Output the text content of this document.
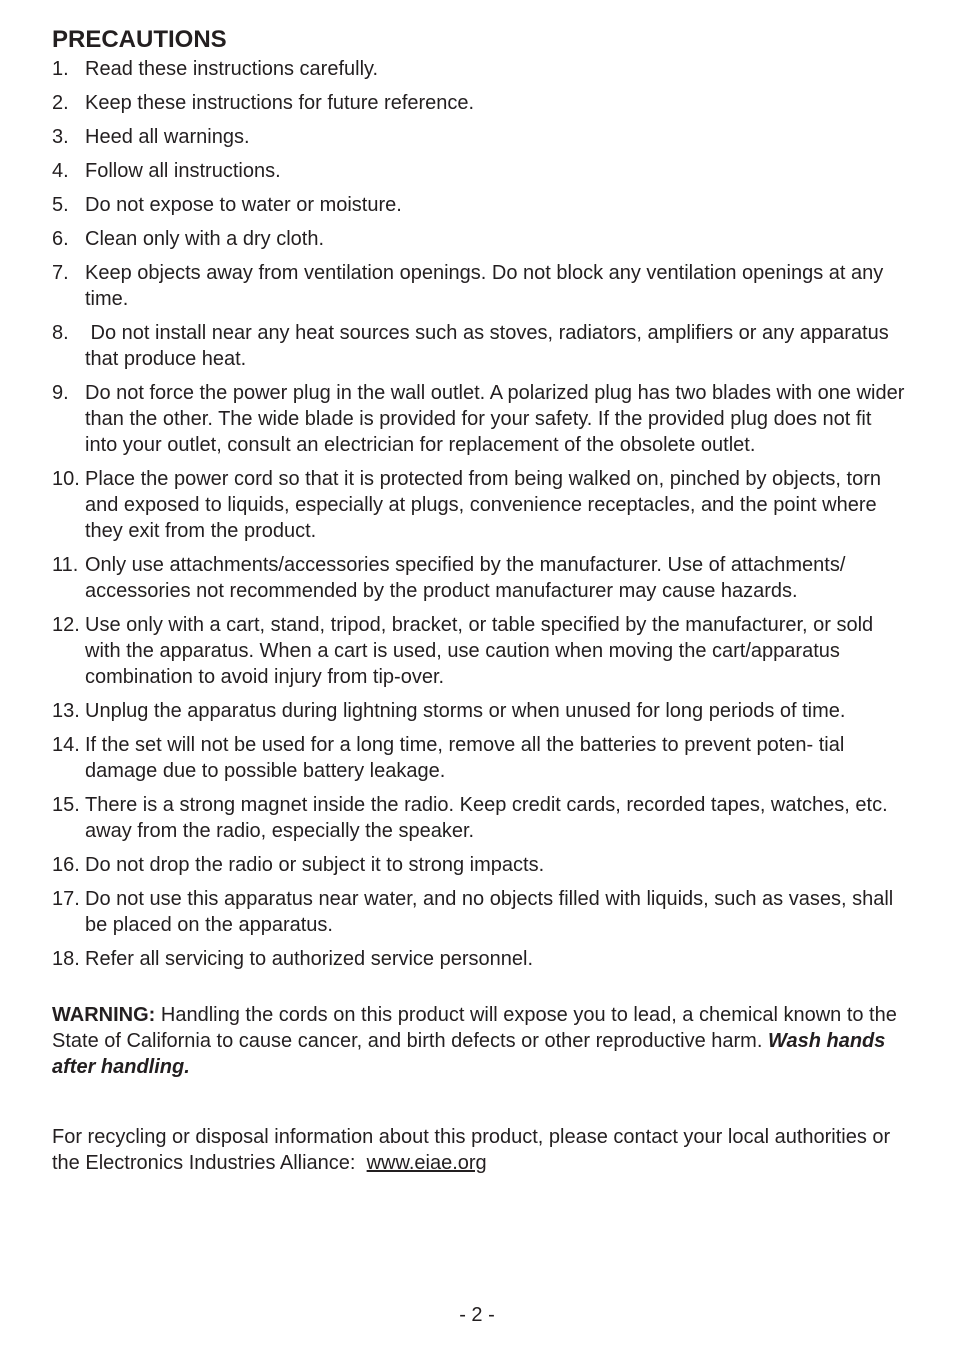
PRECAUTIONS
1. Read these instructions carefully.
2. Keep these instructions for future reference.
3. Heed all warnings.
4. Follow all instructions.
5. Do not expose to water or moisture.
6. Clean only with a dry cloth.
7. Keep objects away from ventilation openings. Do not block any ventilation openings at any time.
8. Do not install near any heat sources such as stoves, radiators, amplifiers or any apparatus that produce heat.
9. Do not force the power plug in the wall outlet. A polarized plug has two blades with one wider than the other. The wide blade is provided for your safety. If the provided plug does not fit into your outlet, consult an electrician for replacement of the obsolete outlet.
10. Place the power cord so that it is protected from being walked on, pinched by objects, torn and exposed to liquids, especially at plugs, convenience receptacles, and the point where they exit from the product.
11. Only use attachments/accessories specified by the manufacturer. Use of attachments/ accessories not recommended by the product manufacturer may cause hazards.
12. Use only with a cart, stand, tripod, bracket, or table specified by the manufacturer, or sold with the apparatus. When a cart is used, use caution when moving the cart/apparatus combination to avoid injury from tip-over.
13. Unplug the apparatus during lightning storms or when unused for long periods of time.
14. If the set will not be used for a long time, remove all the batteries to prevent poten- tial damage due to possible battery leakage.
15. There is a strong magnet inside the radio. Keep credit cards, recorded tapes, watches, etc. away from the radio, especially the speaker.
16. Do not drop the radio or subject it to strong impacts.
17. Do not use this apparatus near water, and no objects filled with liquids, such as vases, shall be placed on the apparatus.
18. Refer all servicing to authorized service personnel.

WARNING: Handling the cords on this product will expose you to lead, a chemical known to the State of California to cause cancer, and birth defects or other reproductive harm. Wash hands after handling.

For recycling or disposal information about this product, please contact your local authorities or the Electronics Industries Alliance:  www.eiae.org

- 2 -
